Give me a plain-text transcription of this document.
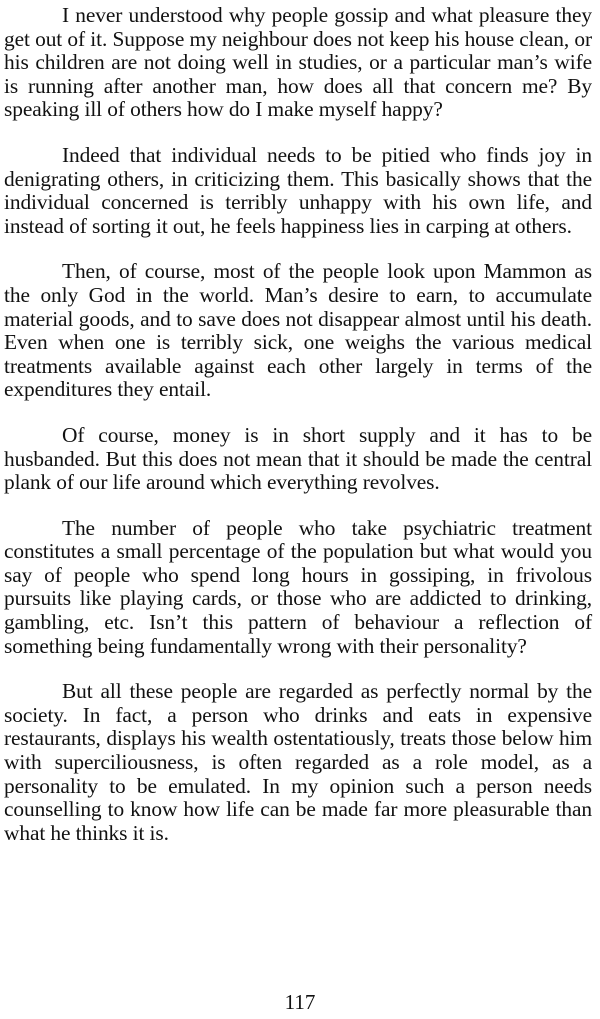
I never understood why people gossip and what pleasure they get out of it. Suppose my neighbour does not keep his house clean, or his children are not doing well in studies, or a particular man’s wife is running after another man, how does all that concern me? By speaking ill of others how do I make myself happy?

Indeed that individual needs to be pitied who finds joy in denigrating others, in criticizing them. This basically shows that the individual concerned is terribly unhappy with his own life, and instead of sorting it out, he feels happiness lies in carping at others.

Then, of course, most of the people look upon Mammon as the only God in the world. Man’s desire to earn, to accumulate material goods, and to save does not disappear almost until his death. Even when one is terribly sick, one weighs the various medical treatments available against each other largely in terms of the expenditures they entail.

Of course, money is in short supply and it has to be husbanded. But this does not mean that it should be made the central plank of our life around which everything revolves.

The number of people who take psychiatric treatment constitutes a small percentage of the population but what would you say of people who spend long hours in gossiping, in frivolous pursuits like playing cards, or those who are addicted to drinking, gambling, etc. Isn’t this pattern of behaviour a reflection of something being fundamentally wrong with their personality?

But all these people are regarded as perfectly normal by the society. In fact, a person who drinks and eats in expensive restaurants, displays his wealth ostentatiously, treats those below him with superciliousness, is often regarded as a role model, as a personality to be emulated. In my opinion such a person needs counselling to know how life can be made far more pleasurable than what he thinks it is.

117
